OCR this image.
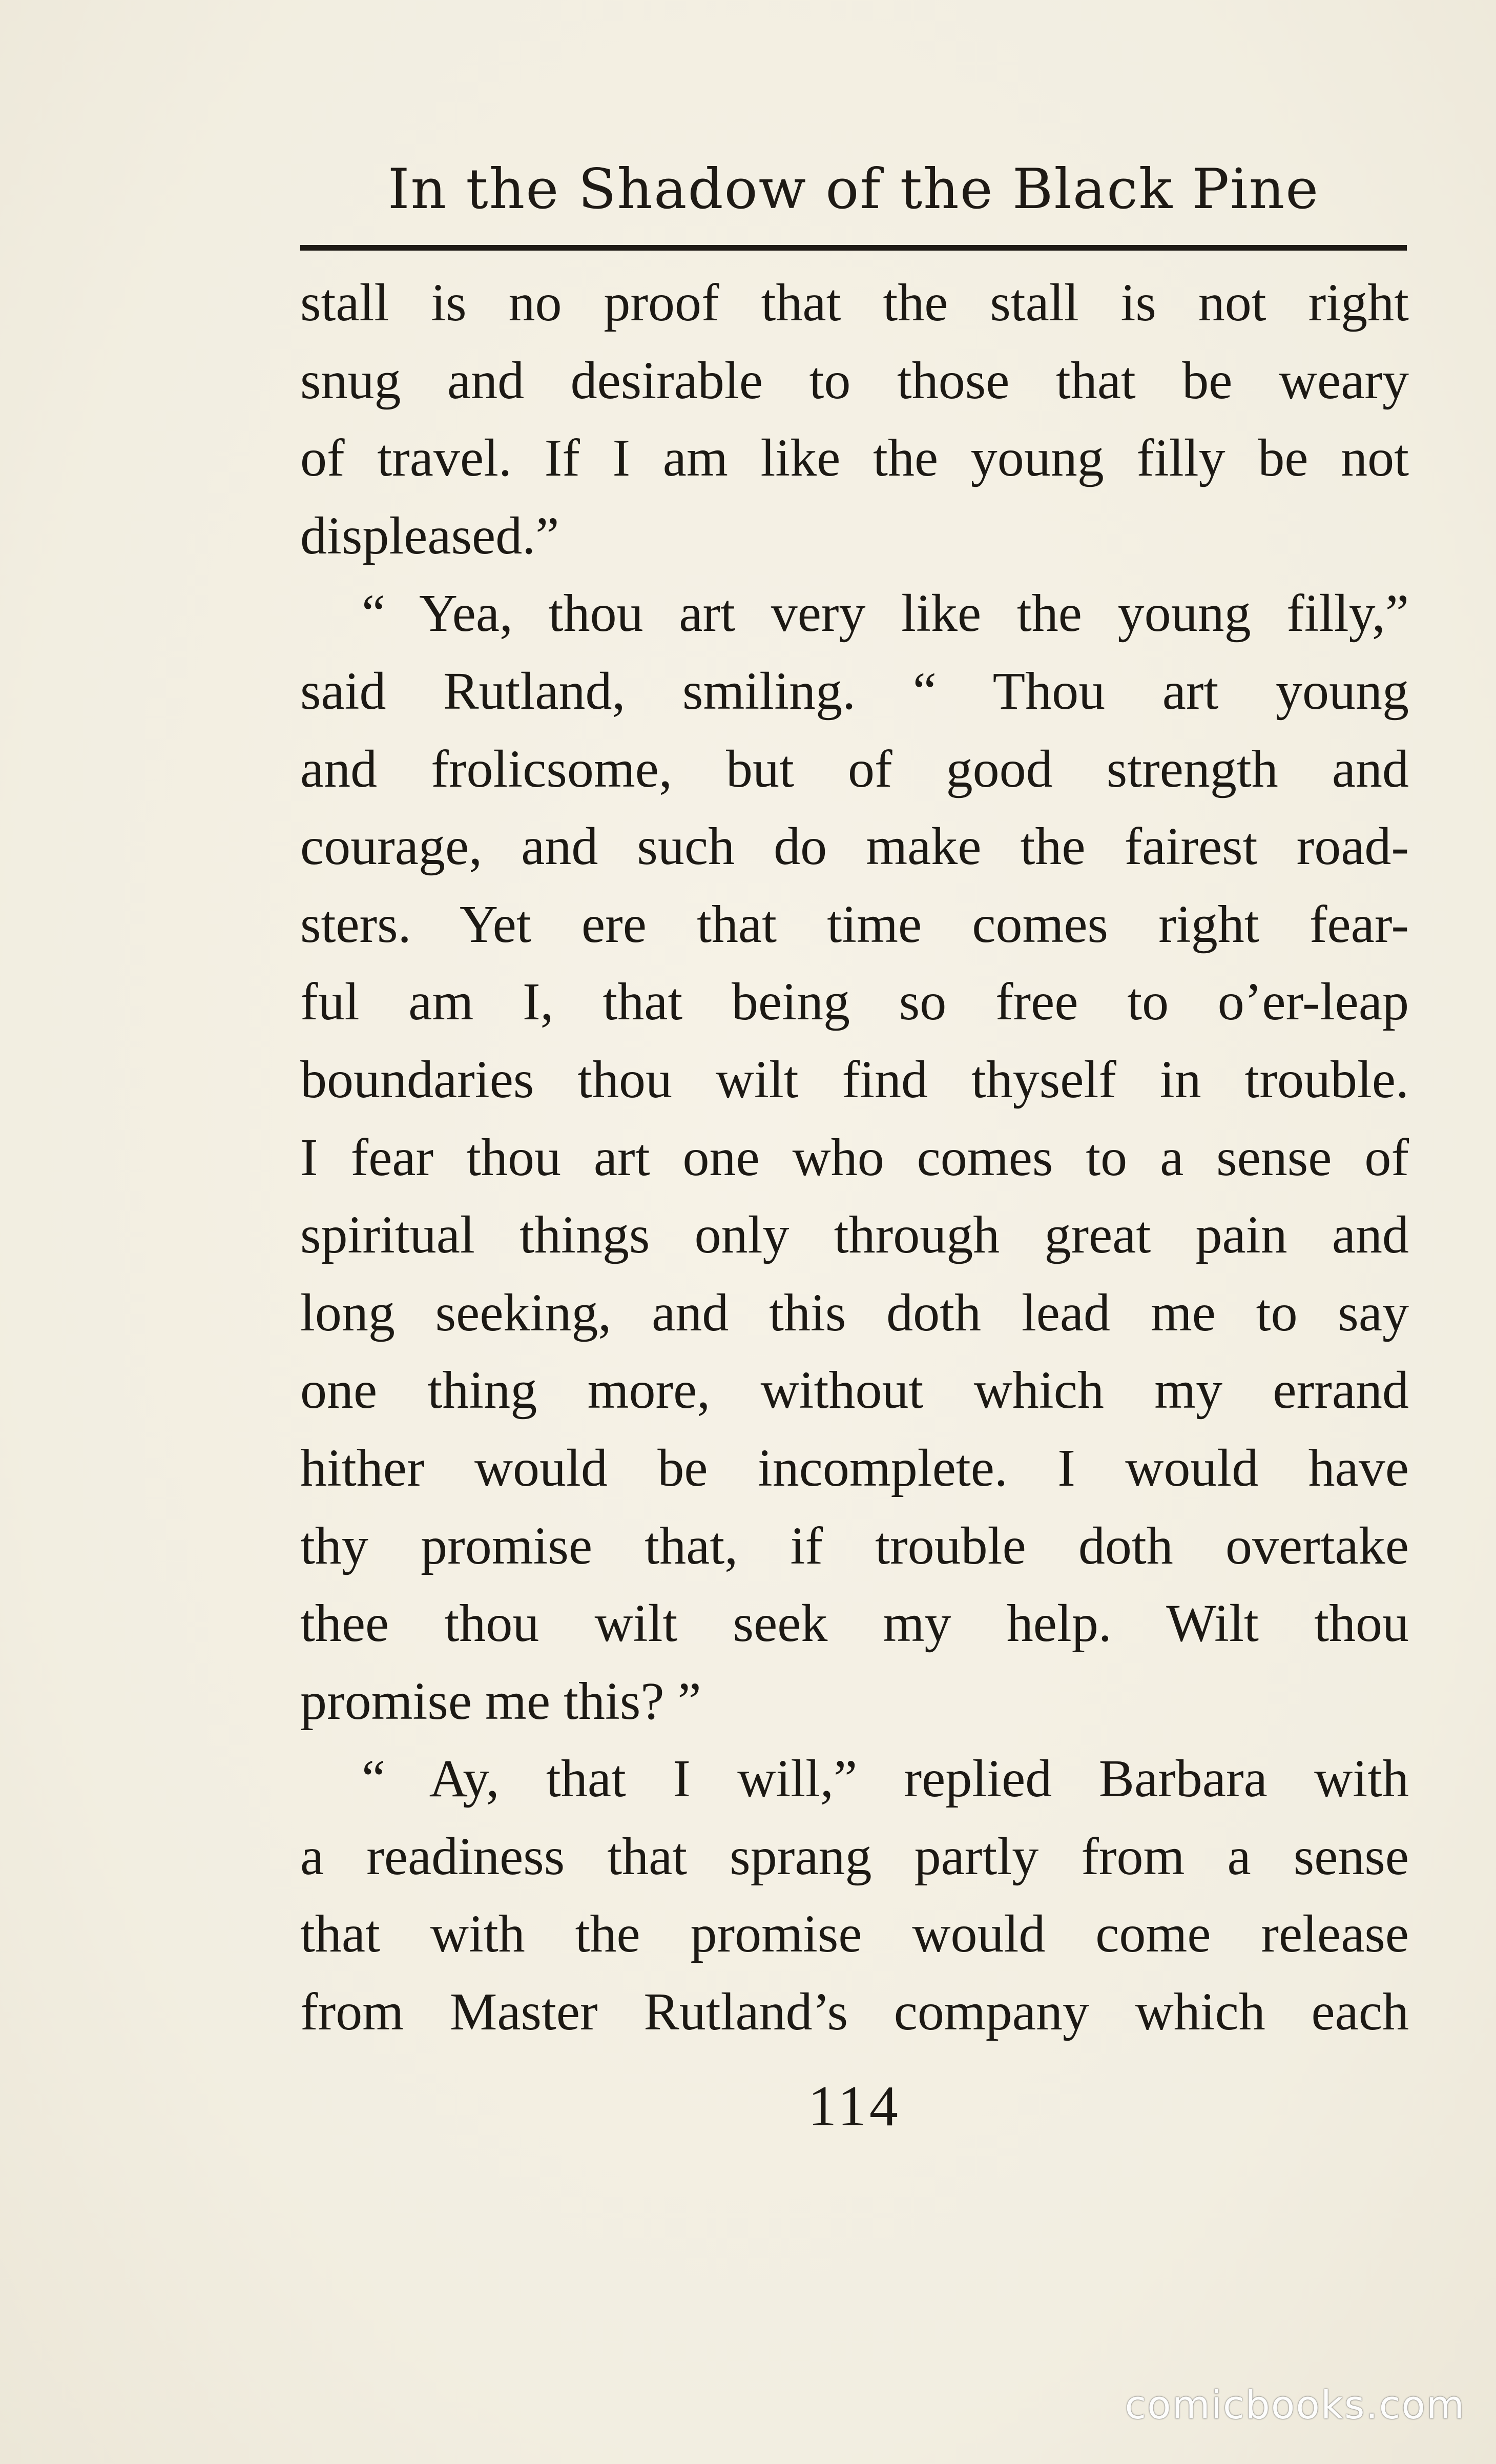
In the Shadow of the Black Pine
stall is no proof that the stall is not right
snug and desirable to those that be weary
of travel. If I am like the young filly be not
displeased.”
“ Yea, thou art very like the young filly,”
said Rutland, smiling. “ Thou art young
and frolicsome, but of good strength and
courage, and such do make the fairest road-
sters. Yet ere that time comes right fear-
ful am I, that being so free to o’er-leap
boundaries thou wilt find thyself in trouble.
I fear thou art one who comes to a sense of
spiritual things only through great pain and
long seeking, and this doth lead me to say
one thing more, without which my errand
hither would be incomplete. I would have
thy promise that, if trouble doth overtake
thee thou wilt seek my help. Wilt thou
promise me this? ”
“ Ay, that I will,” replied Barbara with
a readiness that sprang partly from a sense
that with the promise would come release
from Master Rutland’s company which each
114
comicbooks.com
